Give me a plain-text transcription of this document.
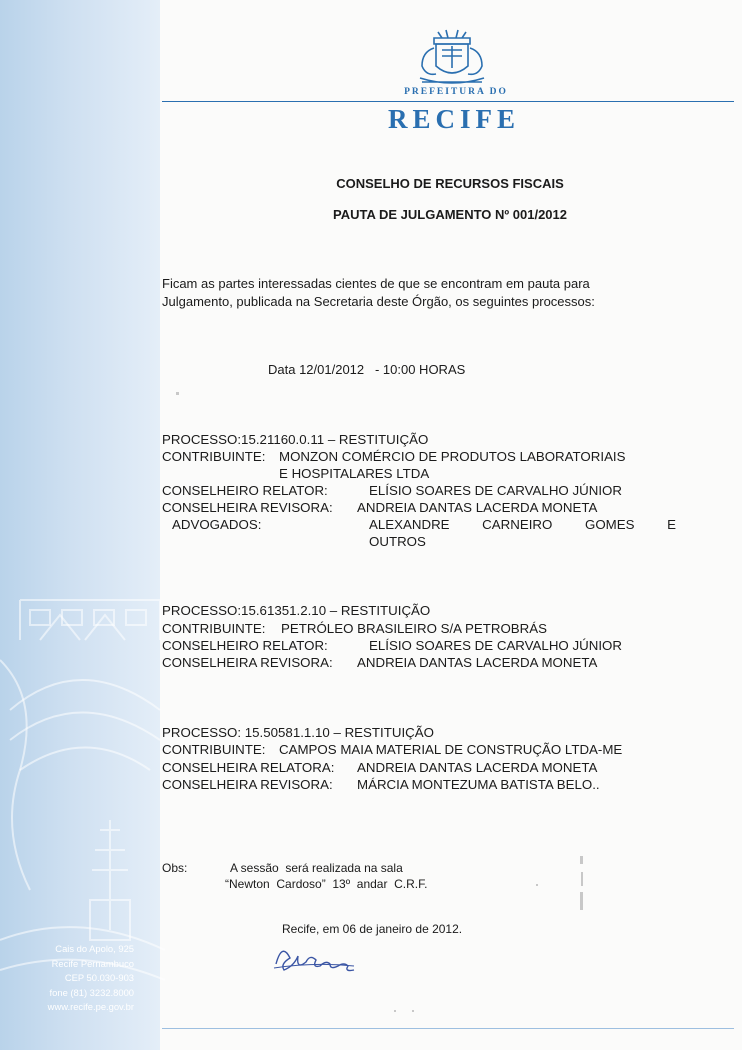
Cais do Apolo, 925
Recife Pernambuco
CEP 50.030-903
fone (81) 3232.8000
www.recife.pe.gov.br
PREFEITURA DO
RECIFE
CONSELHO DE RECURSOS FISCAIS
PAUTA DE JULGAMENTO Nº 001/2012
Ficam as partes interessadas cientes de que se encontram em pauta para
Julgamento, publicada na Secretaria deste Órgão, os seguintes processos:
Data 12/01/2012   - 10:00 HORAS
PROCESSO:15.21160.0.11 – RESTITUIÇÃO
CONTRIBUINTE: MONZON COMÉRCIO DE PRODUTOS LABORATORIAIS
E HOSPITALARES LTDA
CONSELHEIRO RELATOR:	ELÍSIO SOARES DE CARVALHO JÚNIOR
CONSELHEIRA REVISORA: ANDREIA DANTAS LACERDA MONETA
ADVOGADOS:	ALEXANDRE CARNEIRO GOMES E
OUTROS
PROCESSO:15.61351.2.10 – RESTITUIÇÃO
CONTRIBUINTE: PETRÓLEO BRASILEIRO S/A PETROBRÁS
CONSELHEIRO RELATOR:	ELÍSIO SOARES DE CARVALHO JÚNIOR
CONSELHEIRA REVISORA: ANDREIA DANTAS LACERDA MONETA
PROCESSO: 15.50581.1.10 – RESTITUIÇÃO
CONTRIBUINTE: CAMPOS MAIA MATERIAL DE CONSTRUÇÃO LTDA-ME
CONSELHEIRA RELATORA: ANDREIA DANTAS LACERDA MONETA
CONSELHEIRA REVISORA: MÁRCIA MONTEZUMA BATISTA BELO..
Obs:	A sessão  será realizada na sala
“Newton  Cardoso”  13º  andar  C.R.F.
Recife, em 06 de janeiro de 2012.
